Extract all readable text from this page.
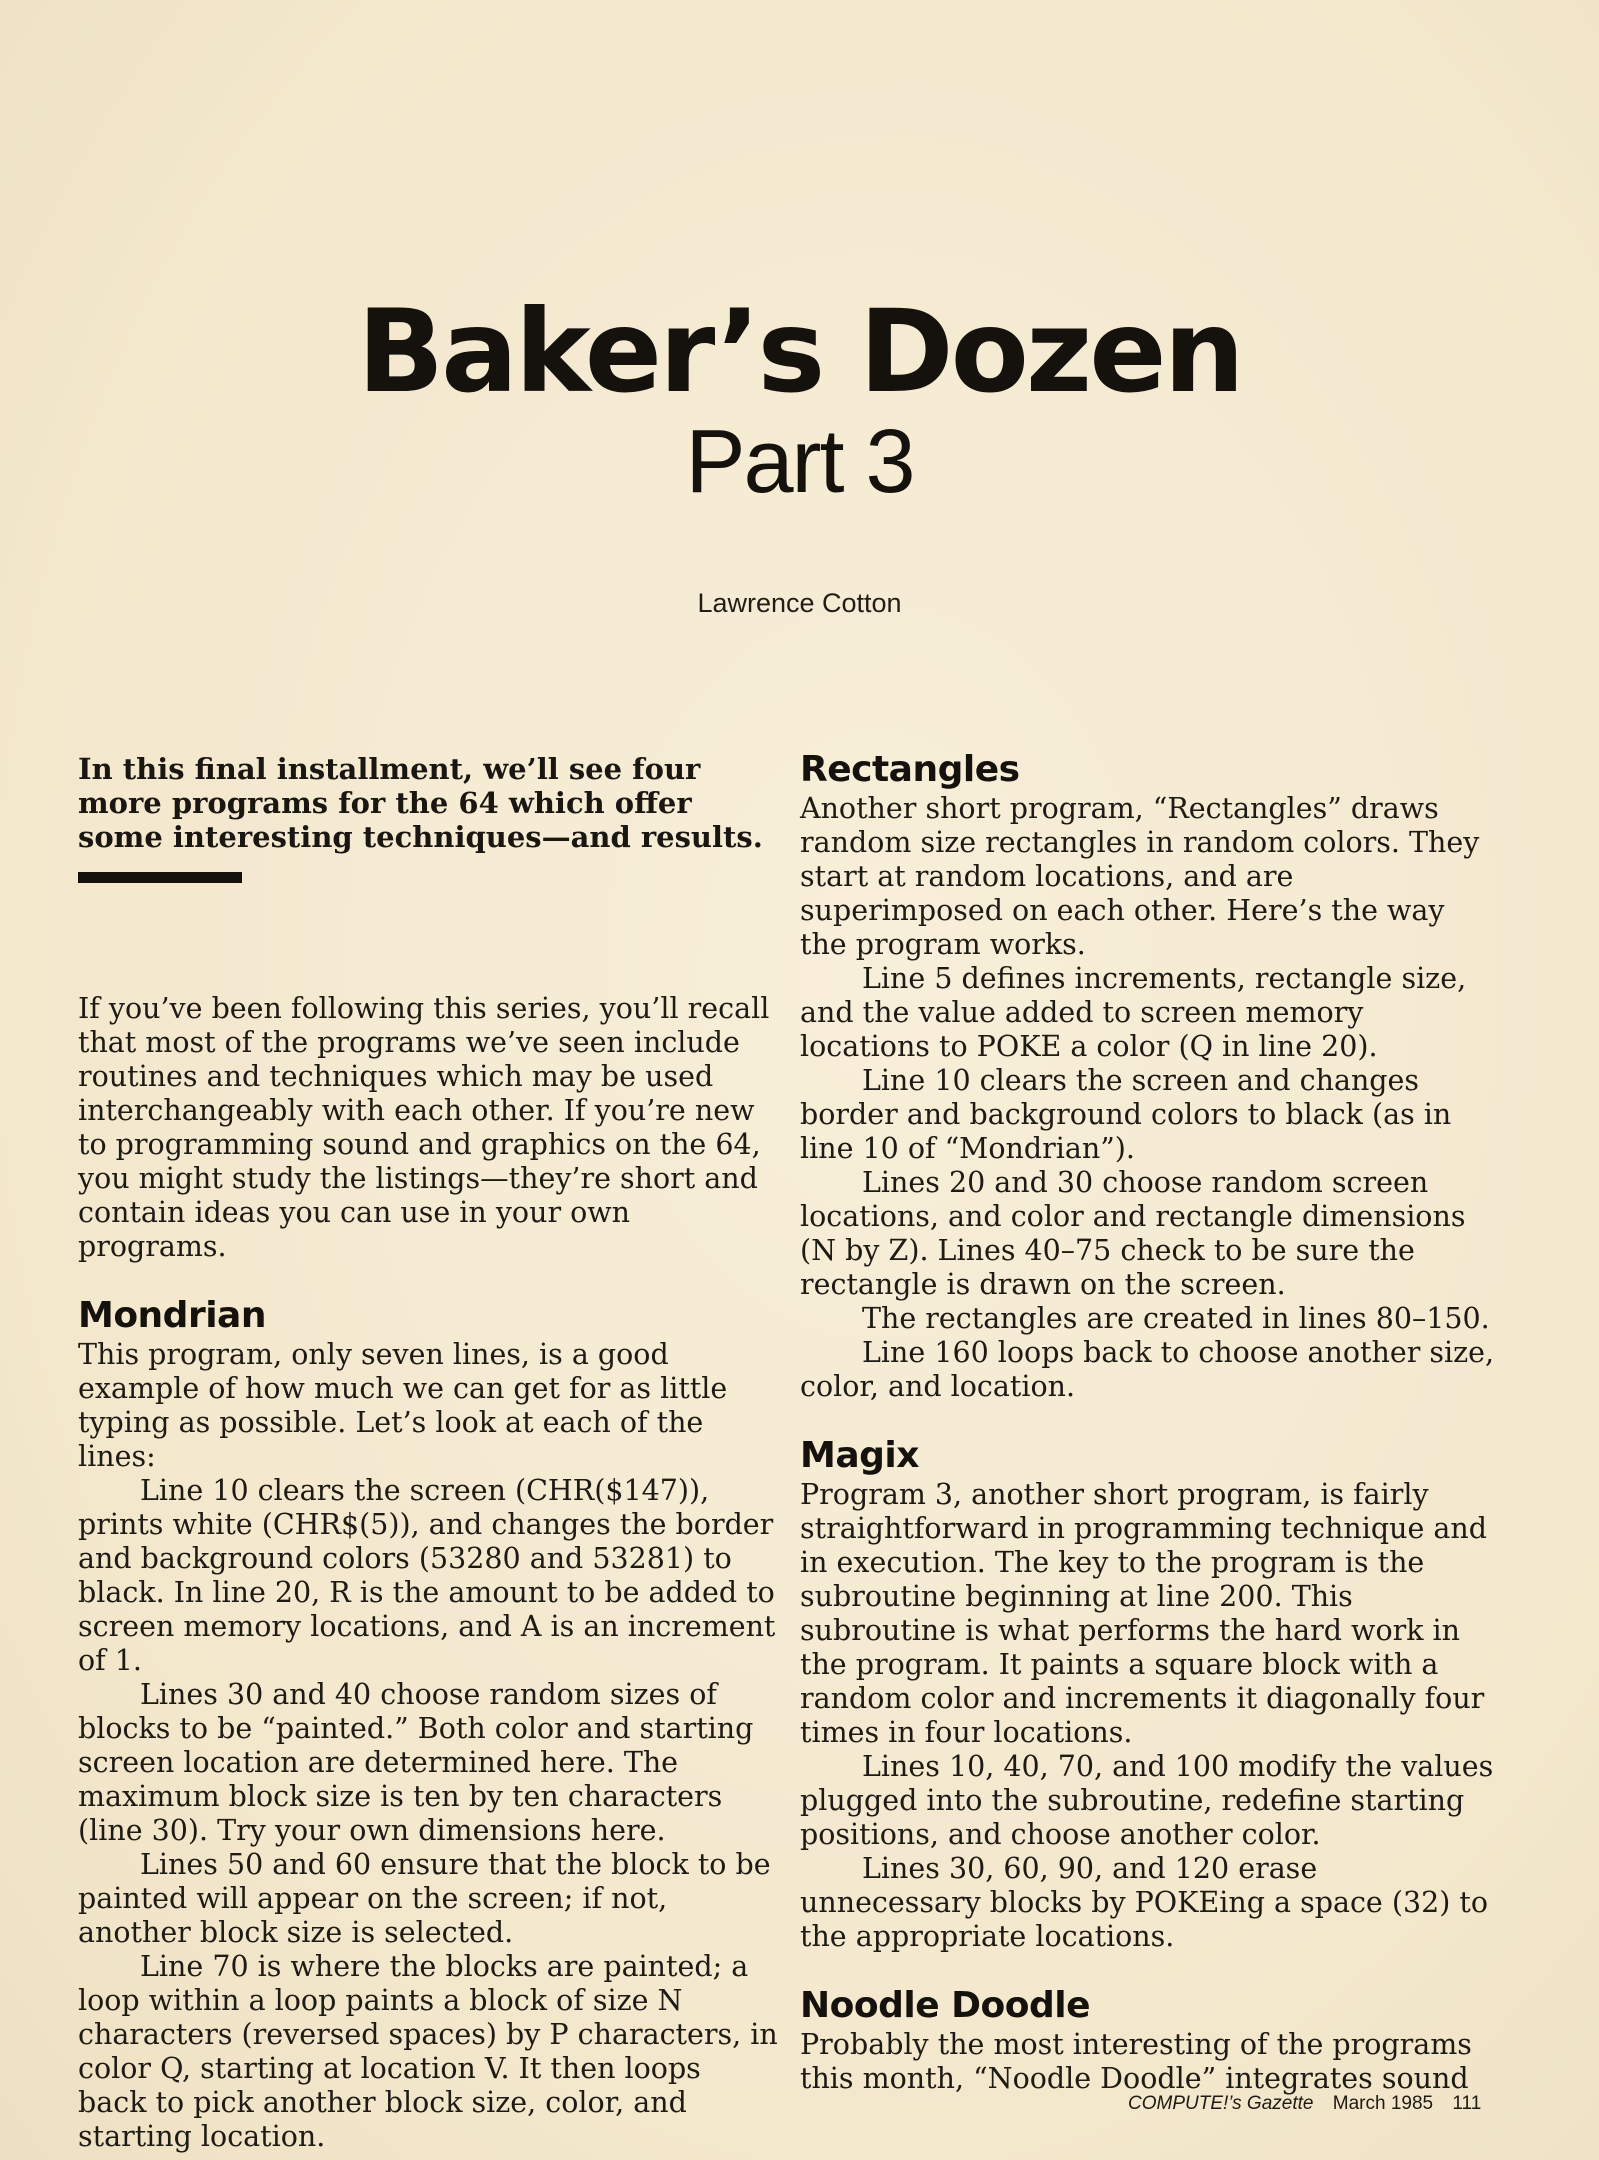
Baker’s Dozen
Part 3
Lawrence Cotton
In this final installment, we’ll see four more programs for the 64 which offer some interesting techniques—and results.

If you’ve been following this series, you’ll recall that most of the programs we’ve seen include routines and techniques which may be used interchangeably with each other. If you’re new to programming sound and graphics on the 64, you might study the listings—they’re short and contain ideas you can use in your own programs.

Mondrian

This program, only seven lines, is a good example of how much we can get for as little typing as possible. Let’s look at each of the lines:

Line 10 clears the screen (CHR($147)), prints white (CHR$(5)), and changes the border and background colors (53280 and 53281) to black. In line 20, R is the amount to be added to screen memory locations, and A is an increment of 1.

Lines 30 and 40 choose random sizes of blocks to be “painted.” Both color and starting screen location are determined here. The maximum block size is ten by ten characters (line 30). Try your own dimensions here.

Lines 50 and 60 ensure that the block to be painted will appear on the screen; if not, another block size is selected.

Line 70 is where the blocks are painted; a loop within a loop paints a block of size N characters (reversed spaces) by P characters, in color Q, starting at location V. It then loops back to pick another block size, color, and starting location.

Rectangles

Another short program, “Rectangles” draws random size rectangles in random colors. They start at random locations, and are superimposed on each other. Here’s the way the program works.

Line 5 defines increments, rectangle size, and the value added to screen memory locations to POKE a color (Q in line 20).

Line 10 clears the screen and changes border and background colors to black (as in line 10 of “Mondrian”).

Lines 20 and 30 choose random screen locations, and color and rectangle dimensions (N by Z). Lines 40–75 check to be sure the rectangle is drawn on the screen.

The rectangles are created in lines 80–150.

Line 160 loops back to choose another size, color, and location.

Magix

Program 3, another short program, is fairly straightforward in programming technique and in execution. The key to the program is the subroutine beginning at line 200. This subroutine is what performs the hard work in the program. It paints a square block with a random color and increments it diagonally four times in four locations.

Lines 10, 40, 70, and 100 modify the values plugged into the subroutine, redefine starting positions, and choose another color.

Lines 30, 60, 90, and 120 erase unnecessary blocks by POKEing a space (32) to the appropriate locations.

Noodle Doodle

Probably the most interesting of the programs this month, “Noodle Doodle” integrates sound

COMPUTE!’s Gazette March 1985 111
